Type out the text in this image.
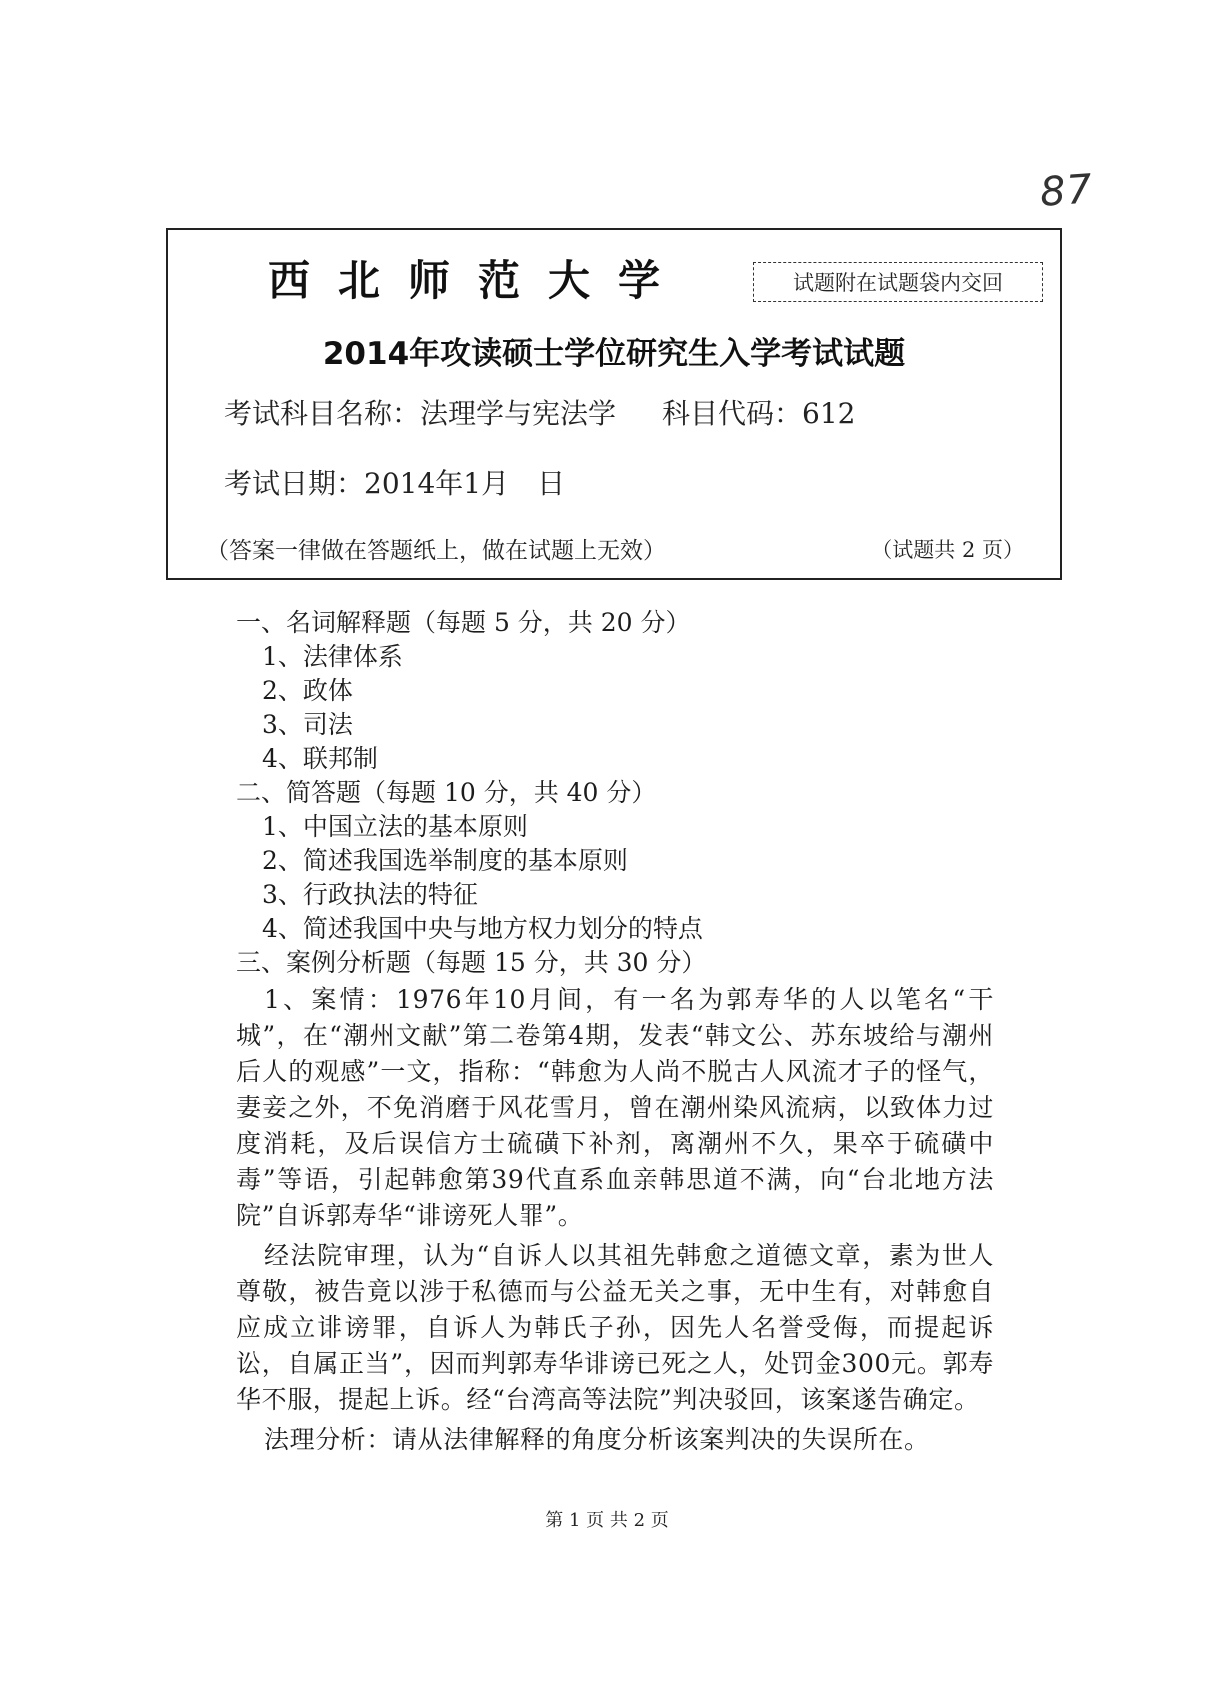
87
西北师范大学	试题附在试题袋内交回
2014年攻读硕士学位研究生入学考试试题
考试科目名称：法理学与宪法学 科目代码：612
考试日期：2014年1月　日
（答案一律做在答题纸上，做在试题上无效）	（试题共 2 页）
一、名词解释题（每题 5 分，共 20 分）
1、法律体系
2、政体
3、司法
4、联邦制
二、简答题（每题 10 分，共 40 分）
1、中国立法的基本原则
2、简述我国选举制度的基本原则
3、行政执法的特征
4、简述我国中央与地方权力划分的特点
三、案例分析题（每题 15 分，共 30 分）

1、案情：1976年10月间，有一名为郭寿华的人以笔名“干城”，在“潮州文献”第二卷第4期，发表“韩文公、苏东坡给与潮州后人的观感”一文，指称：“韩愈为人尚不脱古人风流才子的怪气，妻妾之外，不免消磨于风花雪月，曾在潮州染风流病，以致体力过度消耗，及后误信方士硫磺下补剂，离潮州不久，果卒于硫磺中毒”等语，引起韩愈第39代直系血亲韩思道不满，向“台北地方法院”自诉郭寿华“诽谤死人罪”。

经法院审理，认为“自诉人以其祖先韩愈之道德文章，素为世人尊敬，被告竟以涉于私德而与公益无关之事，无中生有，对韩愈自应成立诽谤罪，自诉人为韩氏子孙，因先人名誉受侮，而提起诉讼，自属正当”，因而判郭寿华诽谤已死之人，处罚金300元。郭寿华不服，提起上诉。经“台湾高等法院”判决驳回，该案遂告确定。

法理分析：请从法律解释的角度分析该案判决的失误所在。

第 1 页 共 2 页
